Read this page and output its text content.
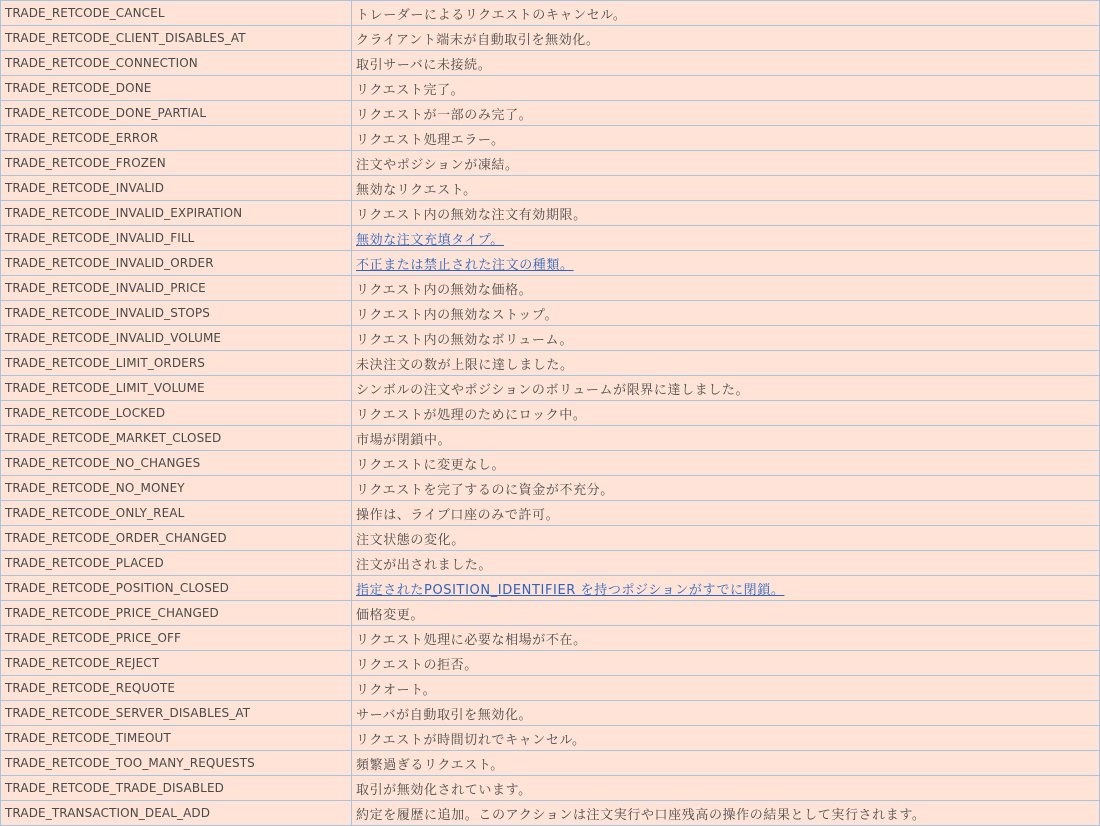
TRADE_RETCODE_CANCEL	トレーダーによるリクエストのキャンセル。
TRADE_RETCODE_CLIENT_DISABLES_AT	クライアント端末が自動取引を無効化。
TRADE_RETCODE_CONNECTION	取引サーバに未接続。
TRADE_RETCODE_DONE	リクエスト完了。
TRADE_RETCODE_DONE_PARTIAL	リクエストが一部のみ完了。
TRADE_RETCODE_ERROR	リクエスト処理エラー。
TRADE_RETCODE_FROZEN	注文やポジションが凍結。
TRADE_RETCODE_INVALID	無効なリクエスト。
TRADE_RETCODE_INVALID_EXPIRATION	リクエスト内の無効な注文有効期限。
TRADE_RETCODE_INVALID_FILL	無効な注文充填タイプ。
TRADE_RETCODE_INVALID_ORDER	不正または禁止された注文の種類。
TRADE_RETCODE_INVALID_PRICE	リクエスト内の無効な価格。
TRADE_RETCODE_INVALID_STOPS	リクエスト内の無効なストップ。
TRADE_RETCODE_INVALID_VOLUME	リクエスト内の無効なボリューム。
TRADE_RETCODE_LIMIT_ORDERS	未決注文の数が上限に達しました。
TRADE_RETCODE_LIMIT_VOLUME	シンボルの注文やポジションのボリュームが限界に達しました。
TRADE_RETCODE_LOCKED	リクエストが処理のためにロック中。
TRADE_RETCODE_MARKET_CLOSED	市場が閉鎖中。
TRADE_RETCODE_NO_CHANGES	リクエストに変更なし。
TRADE_RETCODE_NO_MONEY	リクエストを完了するのに資金が不充分。
TRADE_RETCODE_ONLY_REAL	操作は、ライブ口座のみで許可。
TRADE_RETCODE_ORDER_CHANGED	注文状態の変化。
TRADE_RETCODE_PLACED	注文が出されました。
TRADE_RETCODE_POSITION_CLOSED	指定されたPOSITION_IDENTIFIER を持つポジションがすでに閉鎖。
TRADE_RETCODE_PRICE_CHANGED	価格変更。
TRADE_RETCODE_PRICE_OFF	リクエスト処理に必要な相場が不在。
TRADE_RETCODE_REJECT	リクエストの拒否。
TRADE_RETCODE_REQUOTE	リクオート。
TRADE_RETCODE_SERVER_DISABLES_AT	サーバが自動取引を無効化。
TRADE_RETCODE_TIMEOUT	リクエストが時間切れでキャンセル。
TRADE_RETCODE_TOO_MANY_REQUESTS	頻繁過ぎるリクエスト。
TRADE_RETCODE_TRADE_DISABLED	取引が無効化されています。
TRADE_TRANSACTION_DEAL_ADD	約定を履歴に追加。このアクションは注文実行や口座残高の操作の結果として実行されます。
